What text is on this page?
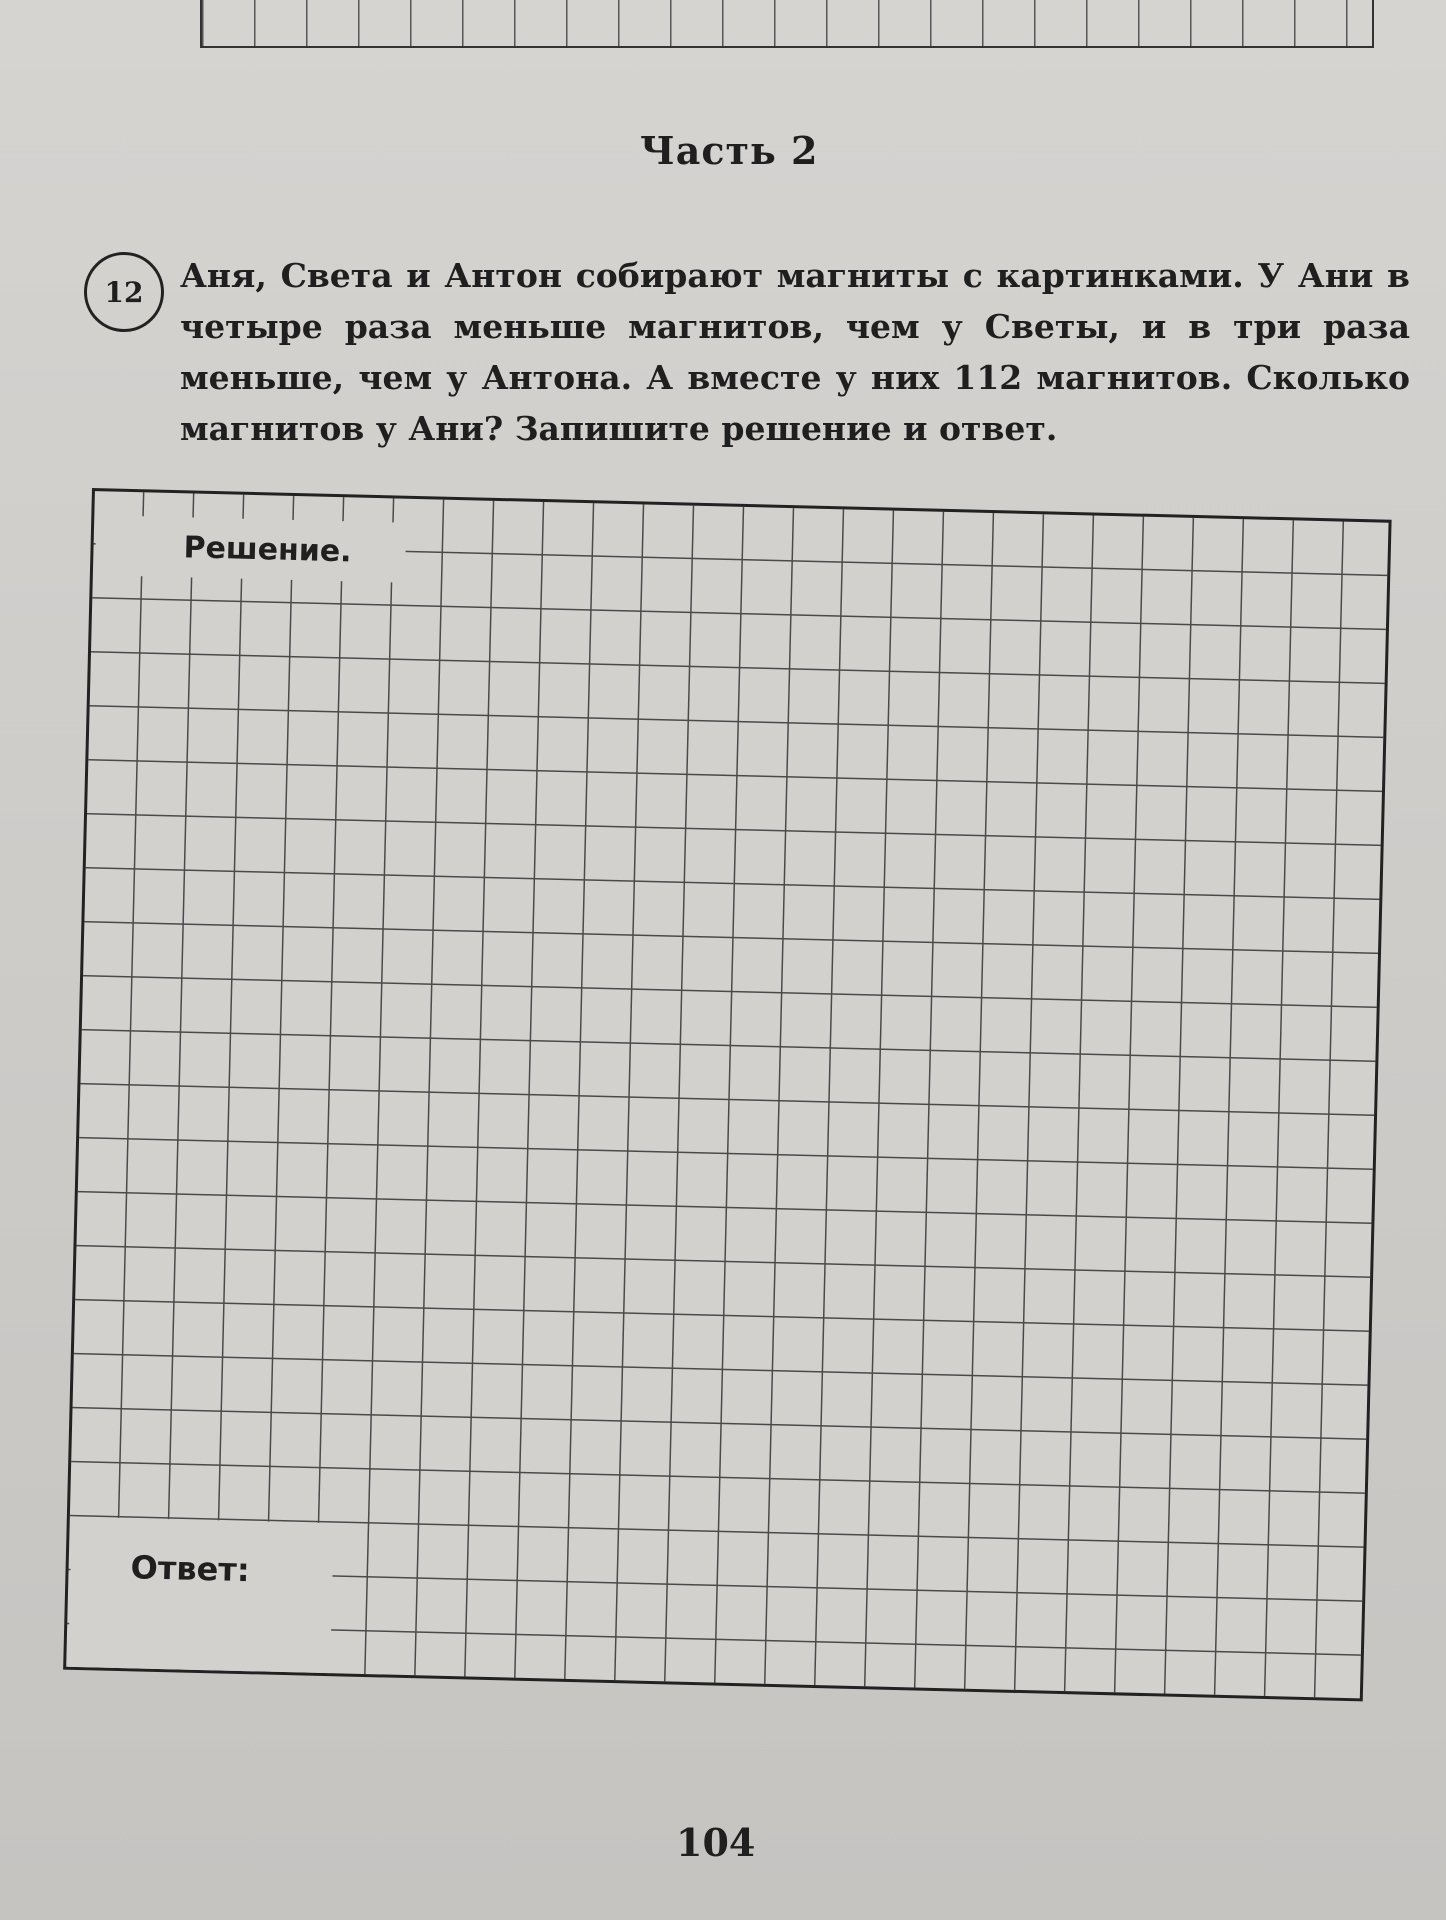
Часть 2
12	Аня, Света и Антон собирают магниты с картинками. У Ани в четыре раза меньше магнитов, чем у Светы, и в три раза меньше, чем у Антона. А вместе у них 112 магнитов. Сколько магнитов у Ани? Запишите решение и ответ.

Решение.
Ответ:

104
